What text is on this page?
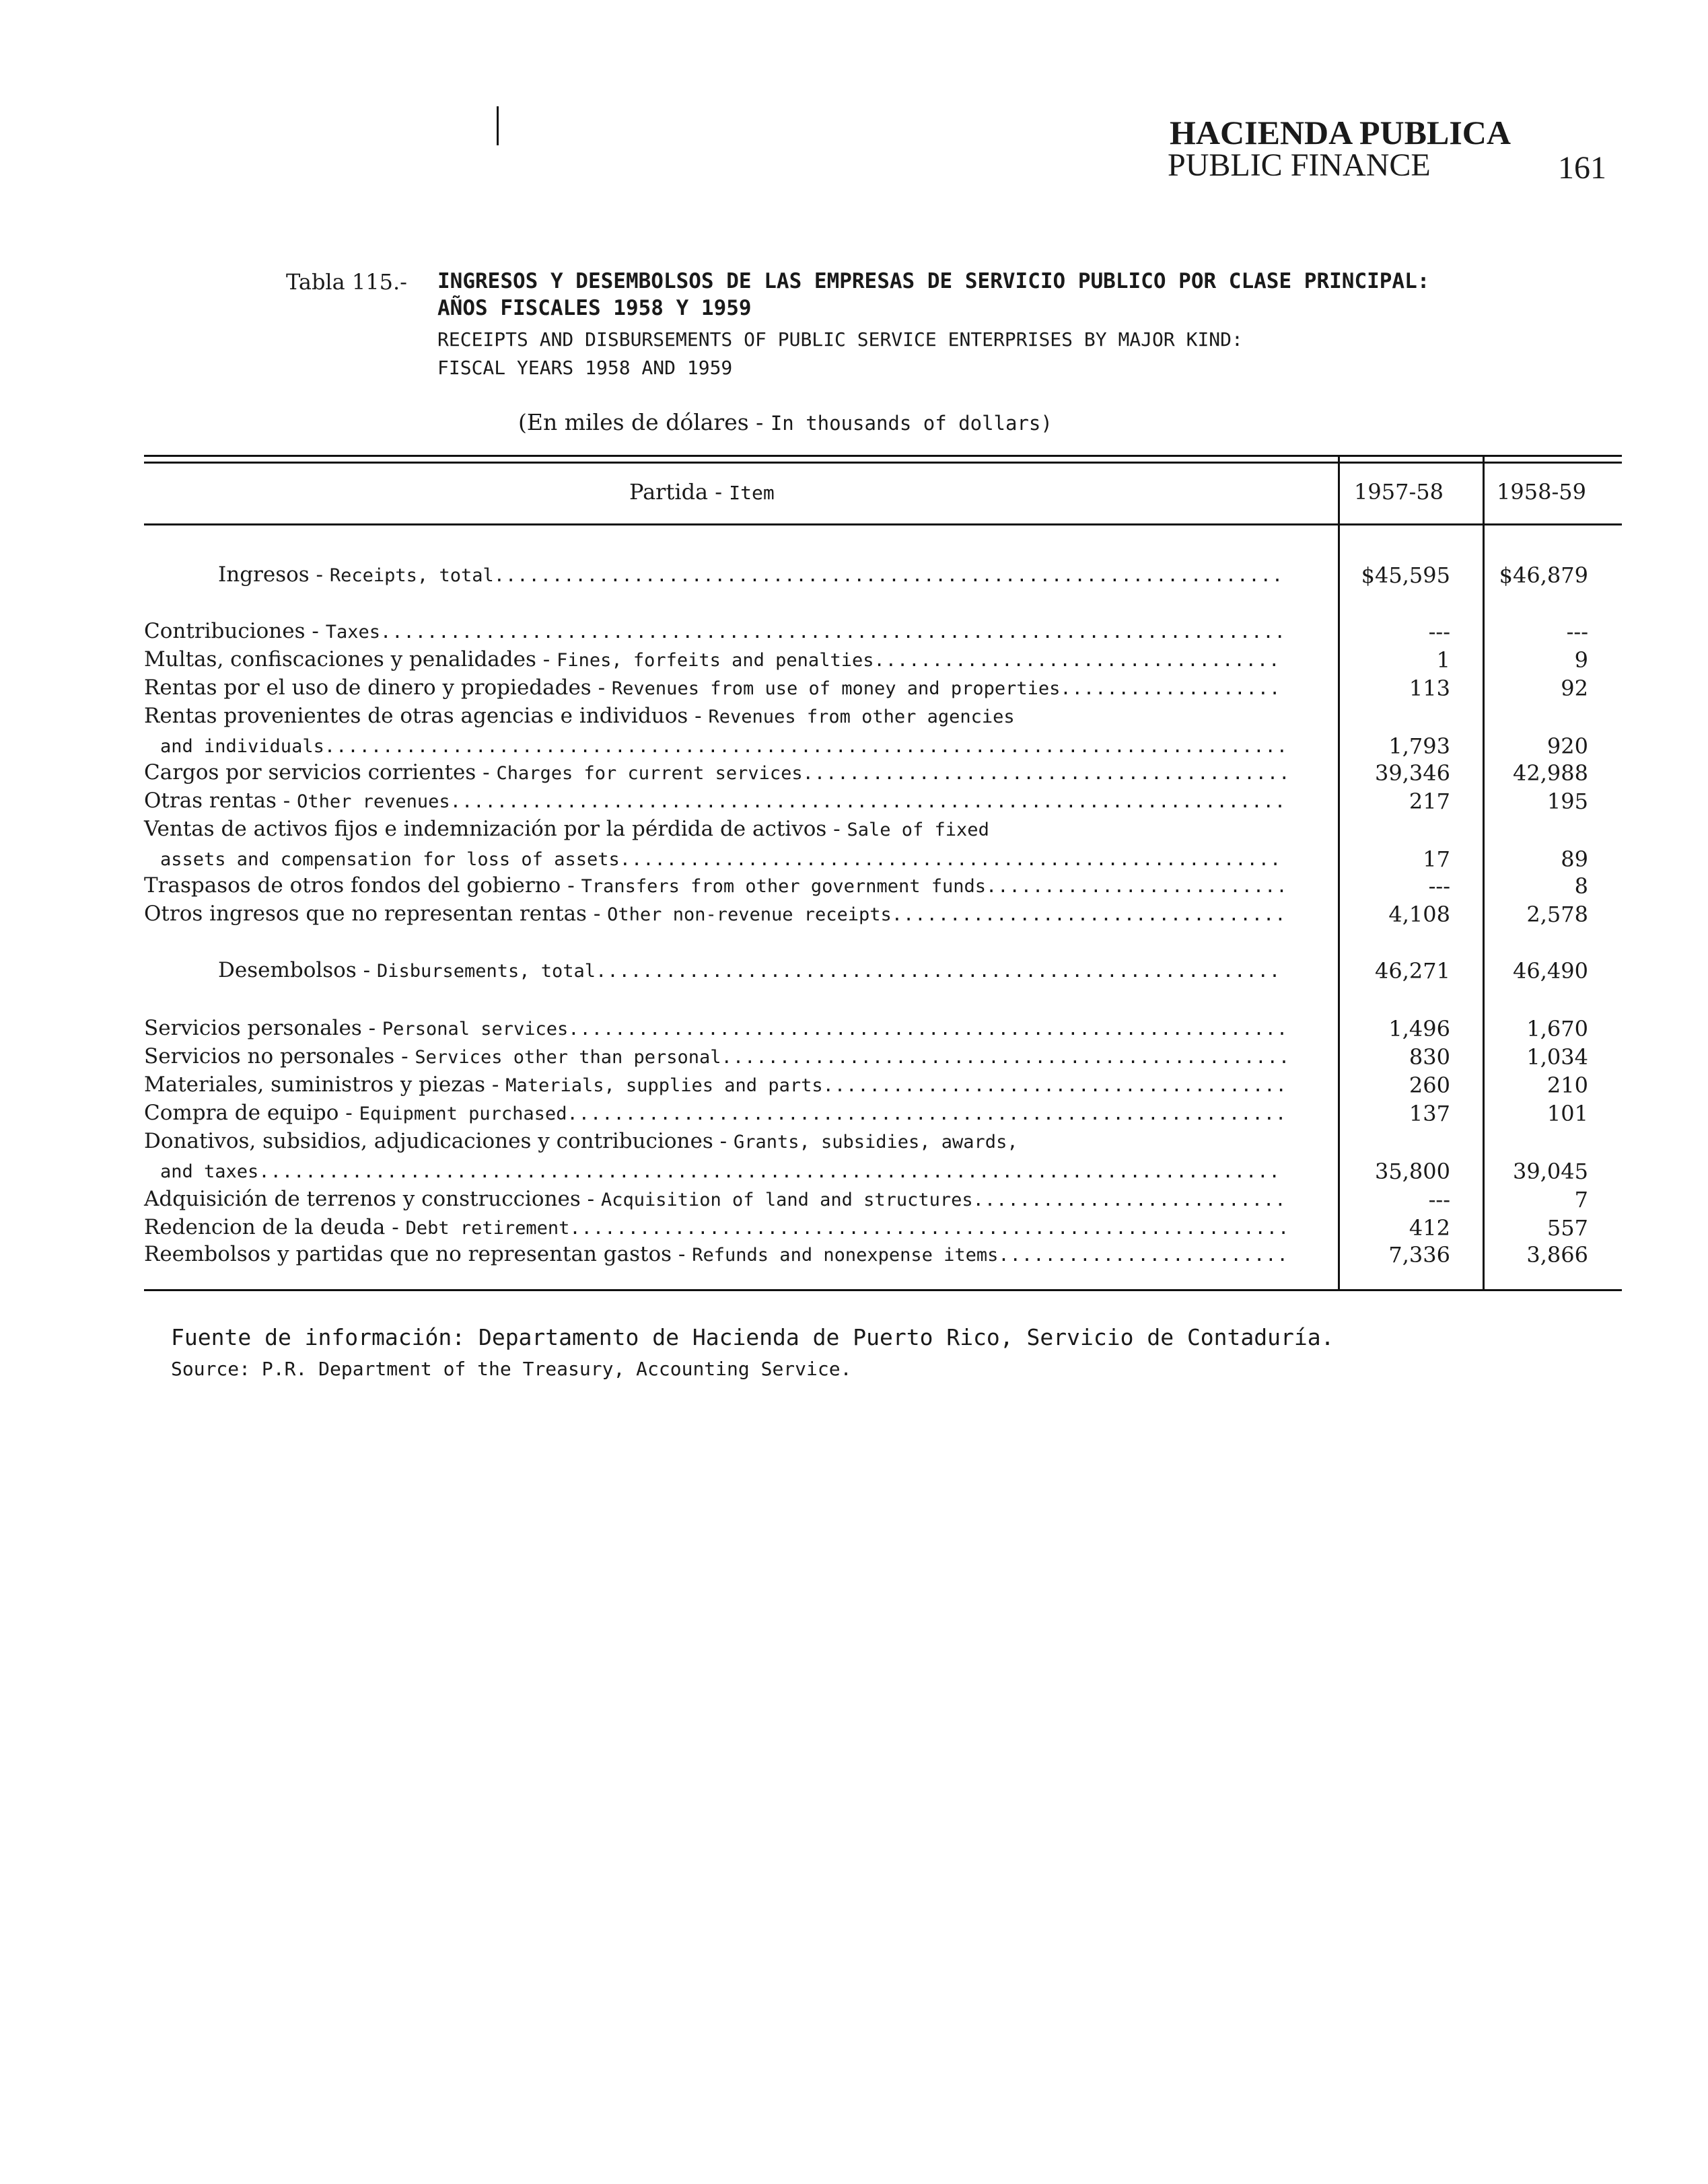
HACIENDA PUBLICA
PUBLIC FINANCE	161
Tabla 115.- INGRESOS Y DESEMBOLSOS DE LAS EMPRESAS DE SERVICIO PUBLICO POR CLASE PRINCIPAL:
AÑOS FISCALES 1958 Y 1959
RECEIPTS AND DISBURSEMENTS OF PUBLIC SERVICE ENTERPRISES BY MAJOR KIND:
FISCAL YEARS 1958 AND 1959
(En miles de dólares - In thousands of dollars)
Partida - Item	1957-58 1958-59
Ingresos - Receipts, total....................................................................	$45,595	$46,879
Contribuciones - Taxes..............................................................................	---	---
Multas, confiscaciones y penalidades - Fines, forfeits and penalties...................................	1	9
Rentas por el uso de dinero y propiedades - Revenues from use of money and properties...................	113	92
Rentas provenientes de otras agencias e individuos - Revenues from other agencies
and individuals...................................................................................	1,793	920
Cargos por servicios corrientes - Charges for current services..........................................	39,346	42,988
Otras rentas - Other revenues........................................................................	217	195
Ventas de activos fijos e indemnización por la pérdida de activos - Sale of fixed
assets and compensation for loss of assets.........................................................	17	89
Traspasos de otros fondos del gobierno - Transfers from other government funds..........................	---	8
Otros ingresos que no representan rentas - Other non-revenue receipts..................................	4,108	2,578
Desembolsos - Disbursements, total...........................................................	46,271	46,490
Servicios personales - Personal services..............................................................	1,496	1,670
Servicios no personales - Services other than personal.................................................	830	1,034
Materiales, suministros y piezas - Materials, supplies and parts........................................	260	210
Compra de equipo - Equipment purchased..............................................................	137	101
Donativos, subsidios, adjudicaciones y contribuciones - Grants, subsidies, awards,
and taxes........................................................................................	35,800	39,045
Adquisición de terrenos y construcciones - Acquisition of land and structures...........................	---	7
Redencion de la deuda - Debt retirement..............................................................	412	557
Reembolsos y partidas que no representan gastos - Refunds and nonexpense items.........................	7,336	3,866
Fuente de información: Departamento de Hacienda de Puerto Rico, Servicio de Contaduría.
Source: P.R. Department of the Treasury, Accounting Service.
